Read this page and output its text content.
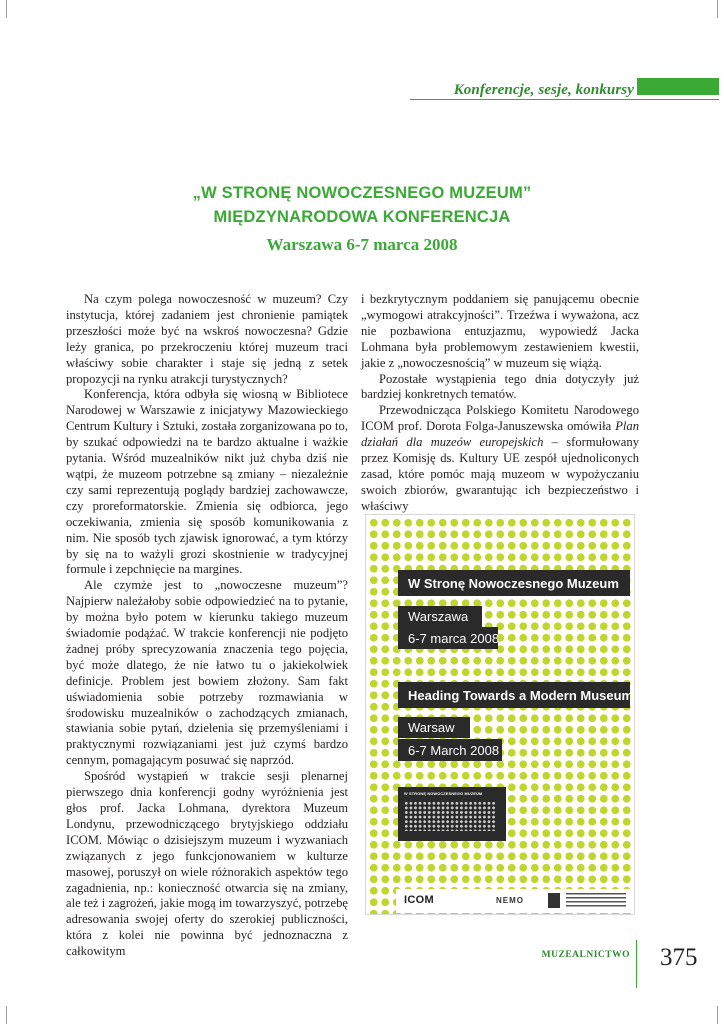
Konferencje, sesje, konkursy
„W STRONĘ NOWOCZESNEGO MUZEUM”
MIĘDZYNARODOWA KONFERENCJA
Warszawa 6-7 marca 2008

Na czym polega nowoczesność w muzeum? Czy instytucja, której zadaniem jest chronienie pamiątek przeszłości może być na wskroś nowoczesna? Gdzie leży granica, po przekroczeniu której muzeum traci właściwy sobie charakter i staje się jedną z setek propozycji na rynku atrakcji turystycznych?

Konferencja, która odbyła się wiosną w Bibliotece Narodowej w Warszawie z inicjatywy Mazowieckiego Centrum Kultury i Sztuki, została zorganizowana po to, by szukać odpowiedzi na te bardzo aktualne i ważkie pytania. Wśród muzealników nikt już chyba dziś nie wątpi, że muzeom potrzebne są zmiany – niezależnie czy sami reprezentują poglądy bardziej zachowawcze, czy proreformatorskie. Zmienia się odbiorca, jego oczekiwania, zmienia się sposób komunikowania z nim. Nie sposób tych zjawisk ignorować, a tym którzy by się na to ważyli grozi skostnienie w tradycyjnej formule i zepchnięcie na margines.

Ale czymże jest to „nowoczesne muzeum”? Najpierw należałoby sobie odpowiedzieć na to pytanie, by można było potem w kierunku takiego muzeum świadomie podążać. W trakcie konferencji nie podjęto żadnej próby sprecyzowania znaczenia tego pojęcia, być może dlatego, że nie łatwo tu o jakiekolwiek definicje. Problem jest bowiem złożony. Sam fakt uświadomienia sobie potrzeby rozmawiania w środowisku muzealników o zachodzących zmianach, stawiania sobie pytań, dzielenia się przemyśleniami i praktycznymi rozwiązaniami jest już czymś bardzo cennym, pomagającym posuwać się naprzód.

Spośród wystąpień w trakcie sesji plenarnej pierwszego dnia konferencji godny wyróżnienia jest głos prof. Jacka Lohmana, dyrektora Muzeum Londynu, przewodniczącego brytyjskiego oddziału ICOM. Mówiąc o dzisiejszym muzeum i wyzwaniach związanych z jego funkcjonowaniem w kulturze masowej, poruszył on wiele różnorakich aspektów tego zagadnienia, np.: konieczność otwarcia się na zmiany, ale też i zagrożeń, jakie mogą im towarzyszyć, potrzebę adresowania swojej oferty do szerokiej publiczności, która z kolei nie powinna być jednoznaczna z całkowitym

i bezkrytycznym poddaniem się panującemu obecnie „wymogowi atrakcyjności”. Trzeźwa i wyważona, acz nie pozbawiona entuzjazmu, wypowiedź Jacka Lohmana była problemowym zestawieniem kwestii, jakie z „nowoczesnością” w muzeum się wiążą.

Pozostałe wystąpienia tego dnia dotyczyły już bardziej konkretnych tematów.

Przewodnicząca Polskiego Komitetu Narodowego ICOM prof. Dorota Folga-Januszewska omówiła Plan działań dla muzeów europejskich – sformułowany przez Komisję ds. Kultury UE zespół ujednoliconych zasad, które pomóc mają muzeom w wypożyczaniu swoich zbiorów, gwarantując ich bezpieczeństwo i właściwy

W Stronę Nowoczesnego Muzeum
Warszawa
6-7 marca 2008
Heading Towards a Modern Museum
Warsaw
6-7 March 2008
W STRONĘ NOWOCZESNEGO MUZEUM
ICOM	NEMO
MUZEALNICTWO 375
